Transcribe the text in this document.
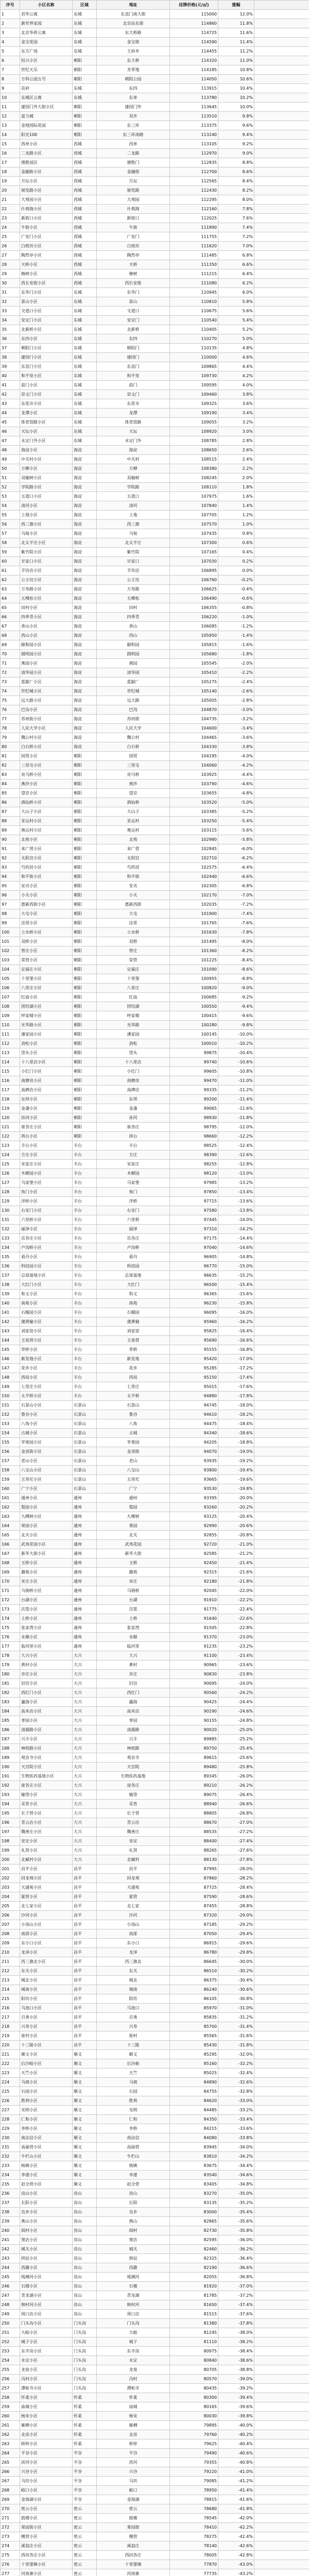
序号	小区名称	区域	地址	挂牌价格(元/㎡)	涨幅	
1	君华公寓	东城	东直门南大街	115000	12.0%	
2	新世界家园	东城	北京站东街	114860	11.8%	
3	北京华侨公寓	东城	东大桥路	114725	11.6%	
4	金宝花园	东城	金宝街	114590	11.4%	
5	东方广场	东城	王府井	114455	11.2%	
6	恒兴小区	朝阳	东大桥	114320	11.0%	
7	世纪天乐	朝阳	芳草地	114185	10.8%	
8	万科公园五号	朝阳	朝阳公园	114050	10.6%	
9	首府	东城	东四	113915	10.4%	
10	东城区公寓	东城	东单	113780	10.2%	
11	建国门外大街小区	朝阳	建国门外	113645	10.0%	
12	富力城	朝阳	双井	113510	9.8%	
13	金地国际花园	朝阳	东三环	113375	9.6%	
14	阳光100	朝阳	东三环南路	113240	9.4%	
15	西单小区	西城	西单	113105	9.2%	
16	二龙路小区	西城	二龙路	112970	9.0%	
17	德胜园区	西城	德胜门	112835	8.8%	
18	金融街小区	西城	金融街	112700	8.6%	
19	月坛小区	西城	月坛	112565	8.4%	
20	展览路小区	西城	展览路	112430	8.2%	
21	大观园小区	西城	大观园	112295	8.0%	
22	什刹海小区	西城	什刹海	112160	7.8%	
23	新街口小区	西城	新街口	112025	7.6%	
24	牛街小区	西城	牛街	111890	7.4%	
25	广安门小区	西城	广安门	111755	7.2%	
26	白纸坊小区	西城	白纸坊	111620	7.0%	
27	陶然亭小区	西城	陶然亭	111485	6.8%	
28	天桥小区	西城	天桥	111350	6.6%	
29	椿树小区	西城	椿树	111215	6.4%	
30	西长安街小区	西城	西长安街	111080	6.2%	
31	东华门小区	东城	东华门	110945	6.0%	
32	景山小区	东城	景山	110810	5.8%	
33	交道口小区	东城	交道口	110675	5.6%	
34	安定门小区	东城	安定门	110540	5.4%	
35	北新桥小区	东城	北新桥	110405	5.2%	
36	东四小区	东城	东四	110270	5.0%	
37	朝阳门小区	东城	朝阳门	110135	4.8%	
38	建国门小区	东城	建国门	110000	4.6%	
39	东直门小区	东城	东直门	109865	4.4%	
40	和平里小区	东城	和平里	109730	4.2%	
41	前门小区	东城	前门	109595	4.0%	
42	崇文门小区	东城	崇文门	109460	3.8%	
43	东花市小区	东城	东花市	109325	3.6%	
44	龙潭小区	东城	龙潭	109190	3.4%	
45	体育馆路小区	东城	体育馆路	109055	3.2%	
46	天坛小区	东城	天坛	108920	3.0%	
47	永定门外小区	东城	永定门外	108785	2.8%	
48	海淀小区	海淀	海淀	108650	2.6%	
49	中关村小区	海淀	中关村	108515	2.4%	
50	万柳小区	海淀	万柳	108380	2.2%	
51	双榆树小区	海淀	双榆树	108245	2.0%	
52	学院路小区	海淀	学院路	108110	1.8%	
53	五道口小区	海淀	五道口	107975	1.6%	
54	清河小区	海淀	清河	107840	1.4%	
55	上地小区	海淀	上地	107705	1.2%	
56	西三旗小区	海淀	西三旗	107570	1.0%	
57	马甸小区	海淀	马甸	107435	0.8%	
58	北太平庄小区	海淀	北太平庄	107300	0.6%	
59	紫竹院小区	海淀	紫竹院	107165	0.4%	
60	甘家口小区	海淀	甘家口	107030	0.2%	
61	羊坊店小区	海淀	羊坊店	106895	0.0%	
62	公主坟小区	海淀	公主坟	106760	-0.2%	
63	万寿路小区	海淀	万寿路	106625	-0.4%	
64	五棵松小区	海淀	五棵松	106490	-0.6%	
65	田村小区	海淀	田村	106355	-0.8%	
66	四季青小区	海淀	四季青	106220	-1.0%	
67	香山小区	海淀	香山	106085	-1.2%	
68	西山小区	海淀	西山	105950	-1.4%	
69	颐和园小区	海淀	颐和园	105815	-1.6%	
70	圆明园小区	海淀	圆明园	105680	-1.8%	
71	燕园小区	海淀	燕园	105545	-2.0%	
72	清华园小区	海淀	清华园	105410	-2.2%	
73	蓝靛厂小区	海淀	蓝靛厂	105275	-2.4%	
74	世纪城小区	海淀	世纪城	105140	-2.6%	
75	远大路小区	海淀	远大路	105005	-2.8%	
76	巴沟小区	海淀	巴沟	104870	-3.0%	
77	苏州街小区	海淀	苏州街	104735	-3.2%	
78	人民大学小区	海淀	人民大学	104600	-3.4%	
79	魏公村小区	海淀	魏公村	104465	-3.6%	
80	白石桥小区	海淀	白石桥	104330	-3.8%	
81	国贸小区	朝阳	国贸	104195	-4.0%	
82	三里屯小区	朝阳	三里屯	104060	-4.2%	
83	亮马桥小区	朝阳	亮马桥	103925	-4.4%	
84	燕莎小区	朝阳	燕莎	103790	-4.6%	
85	望京小区	朝阳	望京	103655	-4.8%	
86	酒仙桥小区	朝阳	酒仙桥	103520	-5.0%	
87	大山子小区	朝阳	大山子	103385	-5.2%	
88	亚运村小区	朝阳	亚运村	103250	-5.4%	
89	奥运村小区	朝阳	奥运村	103115	-5.6%	
90	北苑小区	朝阳	北苑	102980	-5.8%	
91	来广营小区	朝阳	来广营	102845	-6.0%	
92	太阳宫小区	朝阳	太阳宫	102710	-6.2%	
93	芍药居小区	朝阳	芍药居	102575	-6.4%	
94	和平街小区	朝阳	和平街	102440	-6.6%	
95	安贞小区	朝阳	安贞	102305	-6.8%	
96	小关小区	朝阳	小关	102170	-7.0%	
97	惠新西街小区	朝阳	惠新西街	102035	-7.2%	
98	大屯小区	朝阳	大屯	101900	-7.4%	
99	洼里小区	朝阳	洼里	101765	-7.6%	
100	立水桥小区	朝阳	立水桥	101630	-7.8%	
101	双桥小区	朝阳	双桥	101495	-8.0%	
102	管庄小区	朝阳	管庄	101360	-8.2%	
103	常营小区	朝阳	常营	101225	-8.4%	
104	定福庄小区	朝阳	定福庄	101090	-8.6%	
105	十里堡小区	朝阳	十里堡	100955	-8.8%	
106	八里庄小区	朝阳	八里庄	100820	-9.0%	
107	红庙小区	朝阳	红庙	100685	-9.2%	
108	团结湖小区	朝阳	团结湖	100550	-9.4%	
109	呼家楼小区	朝阳	呼家楼	100415	-9.6%	
110	光华路小区	朝阳	光华路	100280	-9.8%	
111	潘家园小区	朝阳	潘家园	100145	-10.0%	
112	劲松小区	朝阳	劲松	100010	-10.2%	
113	垡头小区	朝阳	垡头	99875	-10.4%	
114	十八里店小区	朝阳	十八里店	99740	-10.6%	
115	小红门小区	朝阳	小红门	99605	-10.8%	
116	南磨房小区	朝阳	南磨房	99470	-11.0%	
117	高碑店小区	朝阳	高碑店	99335	-11.2%	
118	东坝小区	朝阳	东坝	99200	-11.4%	
119	金盏小区	朝阳	金盏	99065	-11.6%	
120	孙河小区	朝阳	孙河	98930	-11.8%	
121	崔各庄小区	朝阳	崔各庄	98795	-12.0%	
122	将台小区	朝阳	将台	98660	-12.2%	
123	丰台小区	丰台	丰台	98525	-12.4%	
124	方庄小区	丰台	方庄	98390	-12.6%	
125	宋家庄小区	丰台	宋家庄	98255	-12.8%	
126	木樨园小区	丰台	木樨园	98120	-13.0%	
127	马家堡小区	丰台	马家堡	97985	-13.2%	
128	角门小区	丰台	角门	97850	-13.4%	
129	洋桥小区	丰台	洋桥	97715	-13.6%	
130	右安门小区	丰台	右安门	97580	-13.8%	
131	六里桥小区	丰台	六里桥	97445	-14.0%	
132	丽泽小区	丰台	丽泽	97310	-14.2%	
133	岳各庄小区	丰台	岳各庄	97175	-14.4%	
134	卢沟桥小区	丰台	卢沟桥	97040	-14.6%	
135	看丹小区	丰台	看丹	96905	-14.8%	
136	科技园小区	丰台	科技园	96770	-15.0%	
137	总部基地小区	丰台	总部基地	96635	-15.2%	
138	大红门小区	丰台	大红门	96500	-15.4%	
139	和义小区	丰台	和义	96365	-15.6%	
140	南苑小区	丰台	南苑	96230	-15.8%	
141	石榴园小区	丰台	石榴园	96095	-16.0%	
142	蒲黄榆小区	丰台	蒲黄榆	95960	-16.2%	
143	刘家窑小区	丰台	刘家窑	95825	-16.4%	
144	玉泉营小区	丰台	玉泉营	95690	-16.6%	
145	草桥小区	丰台	草桥	95555	-16.8%	
146	新发地小区	丰台	新发地	95420	-17.0%	
147	花乡小区	丰台	花乡	95285	-17.2%	
148	西局小区	丰台	西局	95150	-17.4%	
149	七里庄小区	丰台	七里庄	95015	-17.6%	
150	太平桥小区	丰台	太平桥	94880	-17.8%	
151	石景山小区	石景山	石景山	94745	-18.0%	
152	鲁谷小区	石景山	鲁谷	94610	-18.2%	
153	八角小区	石景山	八角	94475	-18.4%	
154	古城小区	石景山	古城	94340	-18.6%	
155	苹果园小区	石景山	苹果园	94205	-18.8%	
156	金顶街小区	石景山	金顶街	94070	-19.0%	
157	老山小区	石景山	老山	93935	-19.2%	
158	八宝山小区	石景山	八宝山	93800	-19.4%	
159	五里坨小区	石景山	五里坨	93665	-19.6%	
160	广宁小区	石景山	广宁	93530	-19.8%	
161	通州小区	通州	通州	93395	-20.0%	
162	梨园小区	通州	梨园	93260	-20.2%	
163	九棵树小区	通州	九棵树	93125	-20.4%	
164	果园小区	通州	果园	92990	-20.6%	
165	北关小区	通州	北关	92855	-20.8%	
166	武夷花园小区	通州	武夷花园	92720	-21.0%	
167	新华大街小区	通州	新华大街	92585	-21.2%	
168	玉桥小区	通州	玉桥	92450	-21.4%	
169	潞苑小区	通州	潞苑	92315	-21.6%	
170	宋庄小区	通州	宋庄	92180	-21.8%	
171	马驹桥小区	通州	马驹桥	92045	-22.0%	
172	台湖小区	通州	台湖	91910	-22.2%	
173	次渠小区	通州	次渠	91775	-22.4%	
174	土桥小区	通州	土桥	91640	-22.6%	
175	张家湾小区	通州	张家湾	91505	-22.8%	
176	永顺小区	通州	永顺	91370	-23.0%	
177	临河里小区	通州	临河里	91235	-23.2%	
178	大兴小区	大兴	大兴	91100	-23.4%	
179	黄村小区	大兴	黄村	90965	-23.6%	
180	亦庄小区	大兴	亦庄	90830	-23.8%	
181	旧宫小区	大兴	旧宫	90695	-24.0%	
182	西红门小区	大兴	西红门	90560	-24.2%	
183	瀛海小区	大兴	瀛海	90425	-24.4%	
184	高米店小区	大兴	高米店	90290	-24.6%	
185	枣园小区	大兴	枣园	90155	-24.8%	
186	清源路小区	大兴	清源路	90020	-25.0%	
187	兴丰小区	大兴	兴丰	89885	-25.2%	
188	林校路小区	大兴	林校路	89750	-25.4%	
189	观音寺小区	大兴	观音寺	89615	-25.6%	
190	天宫院小区	大兴	天宫院	89480	-25.8%	
191	生物医药基地小区	大兴	生物医药基地	89345	-26.0%	
192	庞各庄小区	大兴	庞各庄	89210	-26.2%	
193	榆垡小区	大兴	榆垡	89075	-26.4%	
194	采育小区	大兴	采育	88940	-26.6%	
195	长子营小区	大兴	长子营	88805	-26.8%	
196	青云店小区	大兴	青云店	88670	-27.0%	
197	魏善庄小区	大兴	魏善庄	88535	-27.2%	
198	安定小区	大兴	安定	88400	-27.4%	
199	礼贤小区	大兴	礼贤	88265	-27.6%	
200	北臧村小区	大兴	北臧村	88130	-27.8%	
201	昌平小区	昌平	昌平	87995	-28.0%	
202	回龙观小区	昌平	回龙观	87860	-28.2%	
203	天通苑小区	昌平	天通苑	87725	-28.4%	
204	霍营小区	昌平	霍营	87590	-28.6%	
205	北七家小区	昌平	北七家	87455	-28.8%	
206	沙河小区	昌平	沙河	87320	-29.0%	
207	小汤山小区	昌平	小汤山	87185	-29.2%	
208	南邵小区	昌平	南邵	87050	-29.4%	
209	东小口小区	昌平	东小口	86915	-29.6%	
210	龙泽小区	昌平	龙泽	86780	-29.8%	
211	西三旗北小区	昌平	西三旗北	86645	-30.0%	
212	东关小区	昌平	东关	86510	-30.2%	
213	城北小区	昌平	城北	86375	-30.4%	
214	城南小区	昌平	城南	86240	-30.6%	
215	阳坊小区	昌平	阳坊	86105	-30.8%	
216	马池口小区	昌平	马池口	85970	-31.0%	
217	百善小区	昌平	百善	85835	-31.2%	
218	兴寿小区	昌平	兴寿	85700	-31.4%	
219	崔村小区	昌平	崔村	85565	-31.6%	
220	十三陵小区	昌平	十三陵	85430	-31.8%	
221	顺义小区	顺义	顺义	85295	-32.0%	
222	后沙峪小区	顺义	后沙峪	85160	-32.2%	
223	天竺小区	顺义	天竺	85025	-32.4%	
224	马坡小区	顺义	马坡	84890	-32.6%	
225	石园小区	顺义	石园	84755	-32.8%	
226	胜利小区	顺义	胜利	84620	-33.0%	
227	光明小区	顺义	光明	84485	-33.2%	
228	仁和小区	顺义	仁和	84350	-33.4%	
229	李桥小区	顺义	李桥	84215	-33.6%	
230	南法信小区	顺义	南法信	84080	-33.8%	
231	高丽营小区	顺义	高丽营	83945	-34.0%	
232	牛栏山小区	顺义	牛栏山	83810	-34.2%	
233	杨镇小区	顺义	杨镇	83675	-34.4%	
234	李遂小区	顺义	李遂	83540	-34.6%	
235	赵全营小区	顺义	赵全营	83405	-34.8%	
236	房山小区	房山	房山	83270	-35.0%	
237	长阳小区	房山	长阳	83135	-35.2%	
238	良乡小区	房山	良乡	83000	-35.4%	
239	燕山小区	房山	燕山	82865	-35.6%	
240	阎村小区	房山	阎村	82730	-35.8%	
241	窦店小区	房山	窦店	82595	-36.0%	
242	城关小区	房山	城关	82460	-36.2%	
243	拱辰小区	房山	拱辰	82325	-36.4%	
244	西潞小区	房山	西潞	82190	-36.6%	
245	琉璃河小区	房山	琉璃河	82055	-36.8%	
246	石楼小区	房山	石楼	81920	-37.0%	
247	青龙湖小区	房山	青龙湖	81785	-37.2%	
248	韩村河小区	房山	韩村河	81650	-37.4%	
249	周口店小区	房山	周口店	81515	-37.6%	
250	门头沟小区	门头沟	门头沟	81380	-37.8%	
251	大峪小区	门头沟	大峪	81245	-38.0%	
252	城子小区	门头沟	城子	81110	-38.2%	
253	东辛房小区	门头沟	东辛房	80975	-38.4%	
254	永定小区	门头沟	永定	80840	-38.6%	
255	龙泉小区	门头沟	龙泉	80705	-38.8%	
256	冯村小区	门头沟	冯村	80570	-39.0%	
257	潭柘寺小区	门头沟	潭柘寺	80435	-39.2%	
258	怀柔小区	怀柔	怀柔	80300	-39.4%	
259	庙城小区	怀柔	庙城	80165	-39.6%	
260	杨宋小区	怀柔	杨宋	80030	-39.8%	
261	雁栖小区	怀柔	雁栖	79895	-40.0%	
262	北房小区	怀柔	北房	79760	-40.2%	
263	桥梓小区	怀柔	桥梓	79625	-40.4%	
264	平谷小区	平谷	平谷	79490	-40.6%	
265	滨河小区	平谷	滨河	79355	-40.8%	
266	兴谷小区	平谷	兴谷	79220	-41.0%	
267	马坊小区	平谷	马坊	79085	-41.2%	
268	峪口小区	平谷	峪口	78950	-41.4%	
269	金海湖小区	平谷	金海湖	78815	-41.6%	
270	密云小区	密云	密云	78680	-41.8%	
271	鼓楼小区	密云	鼓楼	78545	-42.0%	
272	果园街小区	密云	果园街	78410	-42.2%	
273	檀营小区	密云	檀营	78275	-42.4%	
274	溪翁庄小区	密云	溪翁庄	78140	-42.6%	
275	西田各庄小区	密云	西田各庄	78005	-42.8%	
276	十里堡镇小区	密云	十里堡镇	77870	-43.0%	
277	河南寨小区	密云	河南寨	77735	-43.2%	
